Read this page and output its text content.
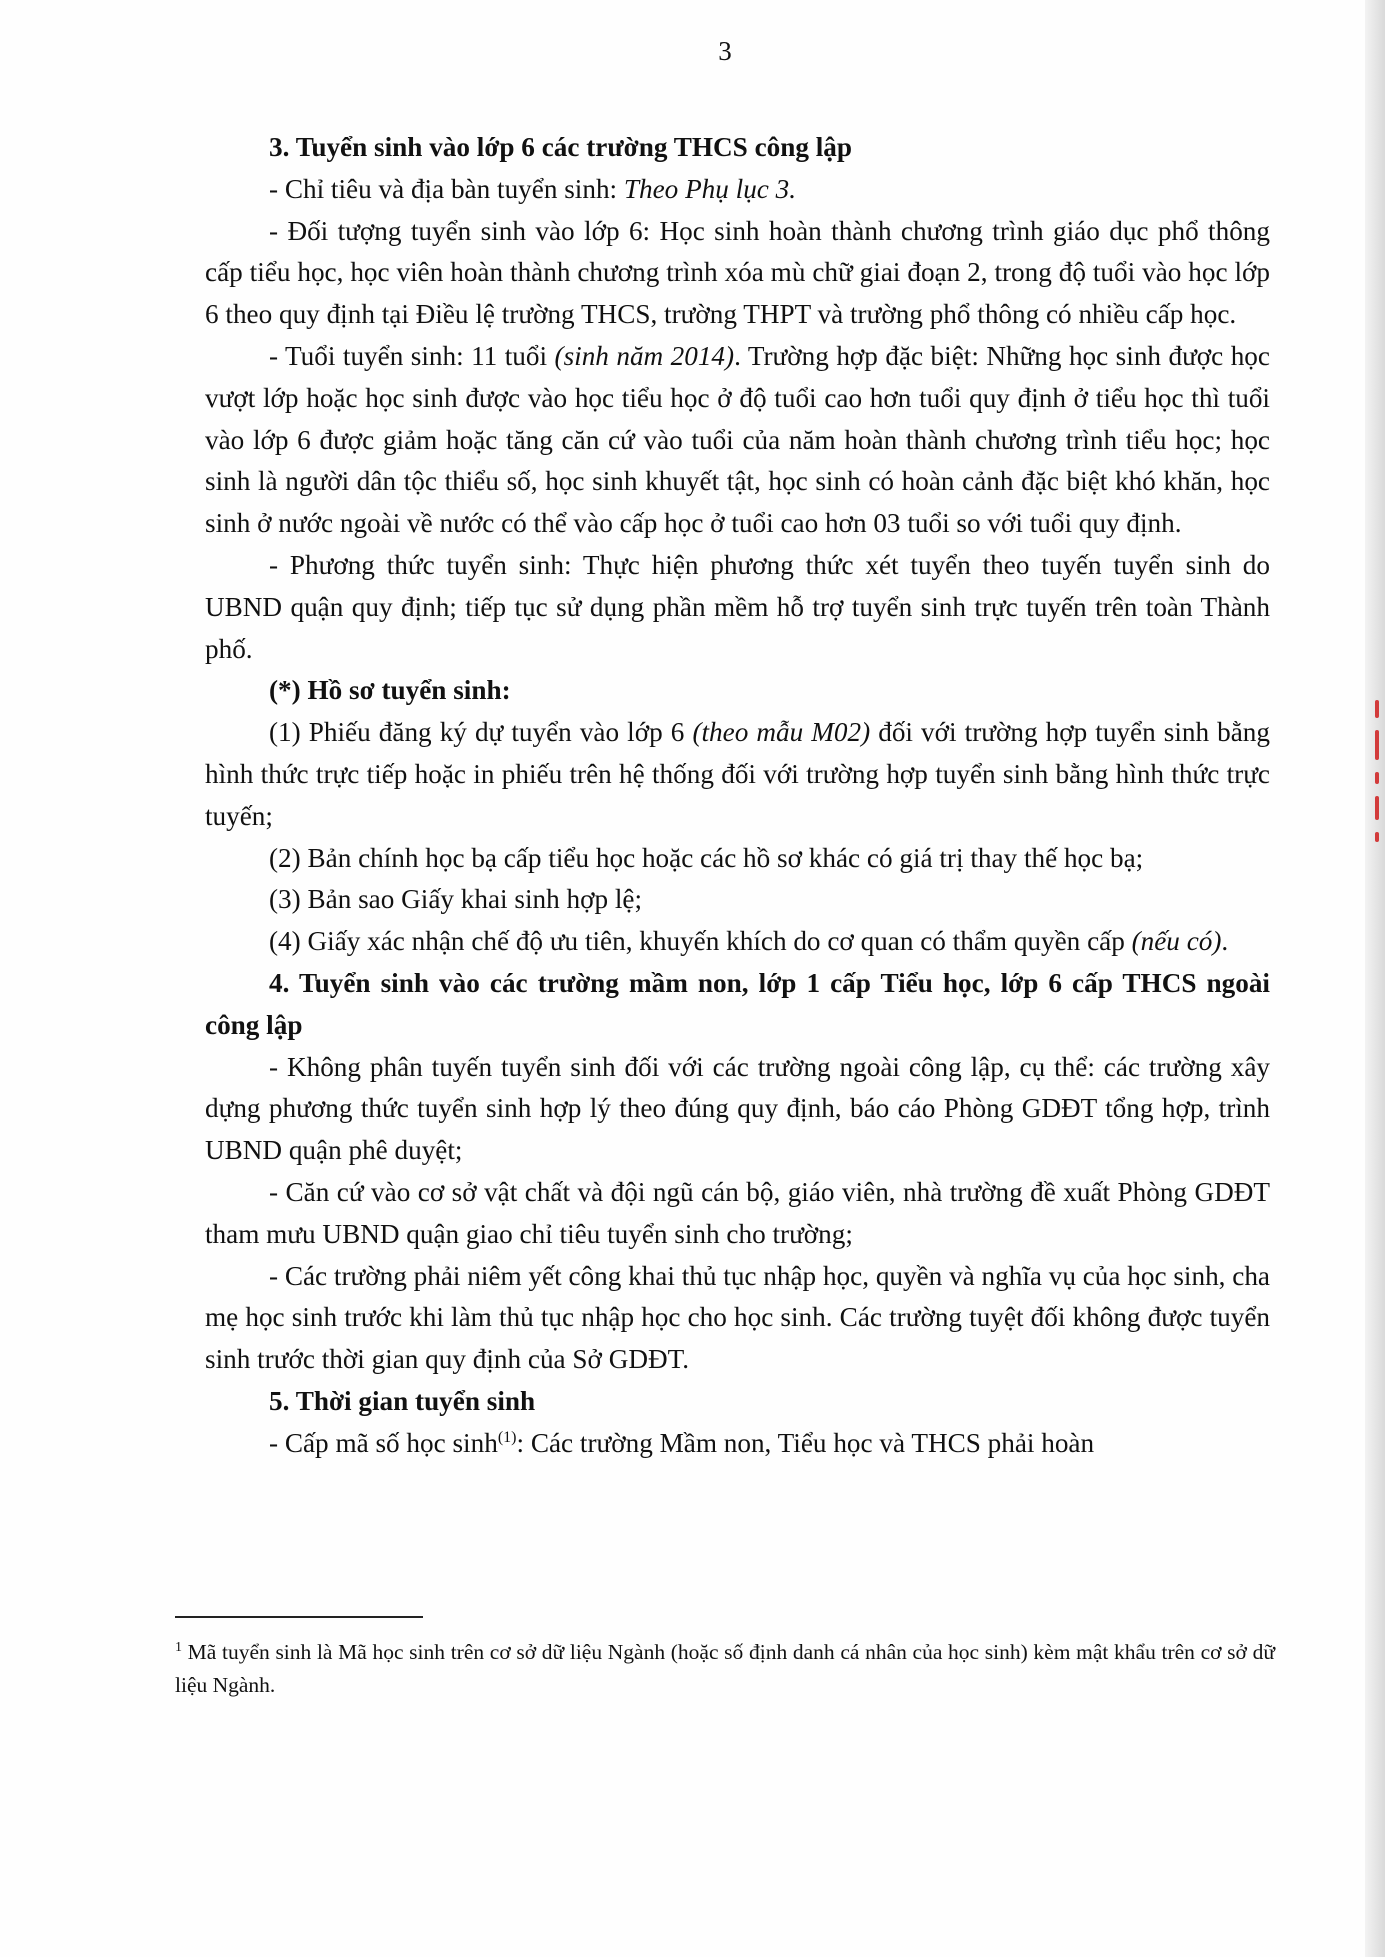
3

3. Tuyển sinh vào lớp 6 các trường THCS công lập

- Chỉ tiêu và địa bàn tuyển sinh: Theo Phụ lục 3.

- Đối tượng tuyển sinh vào lớp 6: Học sinh hoàn thành chương trình giáo dục phổ thông cấp tiểu học, học viên hoàn thành chương trình xóa mù chữ giai đoạn 2, trong độ tuổi vào học lớp 6 theo quy định tại Điều lệ trường THCS, trường THPT và trường phổ thông có nhiều cấp học.

- Tuổi tuyển sinh: 11 tuổi (sinh năm 2014). Trường hợp đặc biệt: Những học sinh được học vượt lớp hoặc học sinh được vào học tiểu học ở độ tuổi cao hơn tuổi quy định ở tiểu học thì tuổi vào lớp 6 được giảm hoặc tăng căn cứ vào tuổi của năm hoàn thành chương trình tiểu học; học sinh là người dân tộc thiểu số, học sinh khuyết tật, học sinh có hoàn cảnh đặc biệt khó khăn, học sinh ở nước ngoài về nước có thể vào cấp học ở tuổi cao hơn 03 tuổi so với tuổi quy định.

- Phương thức tuyển sinh: Thực hiện phương thức xét tuyển theo tuyến tuyển sinh do UBND quận quy định; tiếp tục sử dụng phần mềm hỗ trợ tuyển sinh trực tuyến trên toàn Thành phố.

(*) Hồ sơ tuyển sinh:

(1) Phiếu đăng ký dự tuyển vào lớp 6 (theo mẫu M02) đối với trường hợp tuyển sinh bằng hình thức trực tiếp hoặc in phiếu trên hệ thống đối với trường hợp tuyển sinh bằng hình thức trực tuyến;

(2) Bản chính học bạ cấp tiểu học hoặc các hồ sơ khác có giá trị thay thế học bạ;

(3) Bản sao Giấy khai sinh hợp lệ;

(4) Giấy xác nhận chế độ ưu tiên, khuyến khích do cơ quan có thẩm quyền cấp (nếu có).

4. Tuyển sinh vào các trường mầm non, lớp 1 cấp Tiểu học, lớp 6 cấp THCS ngoài công lập

- Không phân tuyến tuyển sinh đối với các trường ngoài công lập, cụ thể: các trường xây dựng phương thức tuyển sinh hợp lý theo đúng quy định, báo cáo Phòng GDĐT tổng hợp, trình UBND quận phê duyệt;

- Căn cứ vào cơ sở vật chất và đội ngũ cán bộ, giáo viên, nhà trường đề xuất Phòng GDĐT tham mưu UBND quận giao chỉ tiêu tuyển sinh cho trường;

- Các trường phải niêm yết công khai thủ tục nhập học, quyền và nghĩa vụ của học sinh, cha mẹ học sinh trước khi làm thủ tục nhập học cho học sinh. Các trường tuyệt đối không được tuyển sinh trước thời gian quy định của Sở GDĐT.

5. Thời gian tuyển sinh

- Cấp mã số học $\sinh^{(1)}$: Các trường Mầm non, Tiểu học và THCS phải hoàn

$^1$ Mã tuyển sinh là Mã học sinh trên cơ sở dữ liệu Ngành (hoặc số định danh cá nhân của học sinh) kèm mật khẩu trên cơ sở dữ liệu Ngành.
